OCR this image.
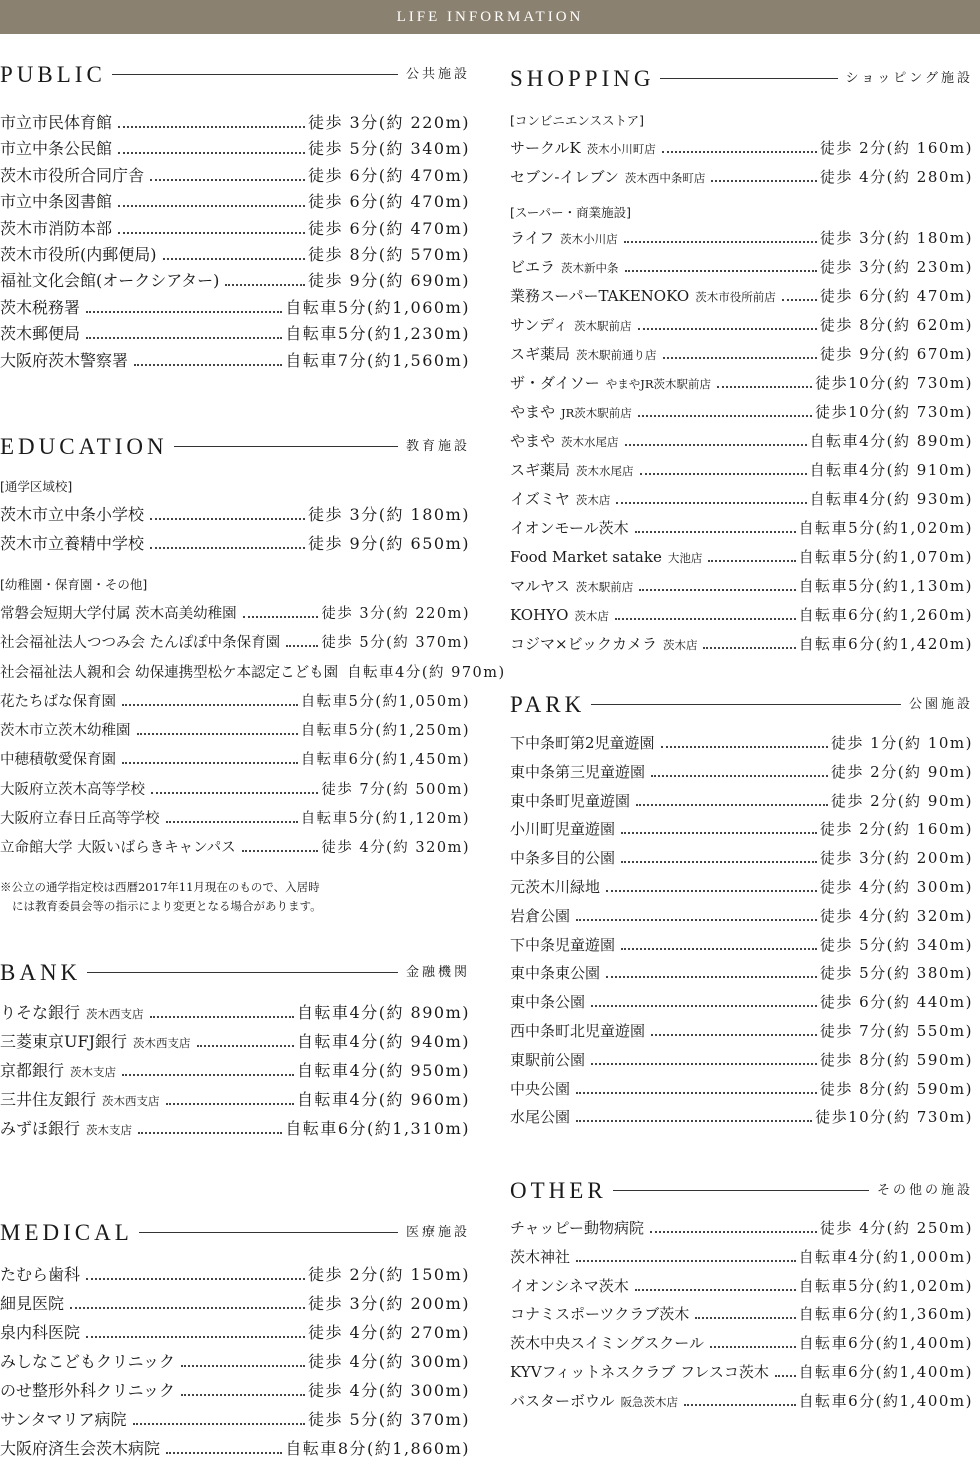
LIFE INFORMATION
PUBLIC	公共施設
市立市民体育館	徒歩 3分(約 220m)
市立中条公民館	徒歩 5分(約 340m)
茨木市役所合同庁舎	徒歩 6分(約 470m)
市立中条図書館	徒歩 6分(約 470m)
茨木市消防本部	徒歩 6分(約 470m)
茨木市役所(内郵便局)	徒歩 8分(約 570m)
福祉文化会館(オークシアター)	徒歩 9分(約 690m)
茨木税務署	自転車5分(約1,060m)
茨木郵便局	自転車5分(約1,230m)
大阪府茨木警察署	自転車7分(約1,560m)
EDUCATION	教育施設
[通学区域校]
茨木市立中条小学校	徒歩 3分(約 180m)
茨木市立養精中学校	徒歩 9分(約 650m)
[幼稚園・保育園・その他]
常磐会短期大学付属 茨木高美幼稚園	徒歩 3分(約 220m)
社会福祉法人つつみ会 たんぽぽ中条保育園	徒歩 5分(約 370m)
社会福祉法人親和会 幼保連携型松ケ本認定こども園 自転車4分(約 970m)
花たちばな保育園	自転車5分(約1,050m)
茨木市立茨木幼稚園	自転車5分(約1,250m)
中穂積敬愛保育園	自転車6分(約1,450m)
大阪府立茨木高等学校	徒歩 7分(約 500m)
大阪府立春日丘高等学校	自転車5分(約1,120m)
立命館大学 大阪いばらきキャンパス	徒歩 4分(約 320m)
※公立の通学指定校は西暦2017年11月現在のもので、入居時
には教育委員会等の指示により変更となる場合があります。
BANK	金融機関
りそな銀行 茨木西支店	自転車4分(約 890m)
三菱東京UFJ銀行 茨木西支店	自転車4分(約 940m)
京都銀行 茨木支店	自転車4分(約 950m)
三井住友銀行 茨木西支店	自転車4分(約 960m)
みずほ銀行 茨木支店	自転車6分(約1,310m)
MEDICAL	医療施設
たむら歯科	徒歩 2分(約 150m)
細見医院	徒歩 3分(約 200m)
泉内科医院	徒歩 4分(約 270m)
みしなこどもクリニック	徒歩 4分(約 300m)
のせ整形外科クリニック	徒歩 4分(約 300m)
サンタマリア病院	徒歩 5分(約 370m)
大阪府済生会茨木病院	自転車8分(約1,860m)
SHOPPING	ショッピング施設
[コンビニエンスストア]
サークルK 茨木小川町店	徒歩 2分(約 160m)
セブン-イレブン 茨木西中条町店	徒歩 4分(約 280m)
[スーパー・商業施設]
ライフ 茨木小川店	徒歩 3分(約 180m)
ビエラ 茨木新中条	徒歩 3分(約 230m)
業務スーパーTAKENOKO 茨木市役所前店	徒歩 6分(約 470m)
サンディ 茨木駅前店	徒歩 8分(約 620m)
スギ薬局 茨木駅前通り店	徒歩 9分(約 670m)
ザ・ダイソー やまやJR茨木駅前店	徒歩10分(約 730m)
やまや JR茨木駅前店	徒歩10分(約 730m)
やまや 茨木水尾店	自転車4分(約 890m)
スギ薬局 茨木水尾店	自転車4分(約 910m)
イズミヤ 茨木店	自転車4分(約 930m)
イオンモール茨木	自転車5分(約1,020m)
Food Market satake 大池店	自転車5分(約1,070m)
マルヤス 茨木駅前店	自転車5分(約1,130m)
KOHYO 茨木店	自転車6分(約1,260m)
コジマ×ビックカメラ 茨木店	自転車6分(約1,420m)
PARK	公園施設
下中条町第2児童遊園	徒歩 1分(約 10m)
東中条第三児童遊園	徒歩 2分(約 90m)
東中条町児童遊園	徒歩 2分(約 90m)
小川町児童遊園	徒歩 2分(約 160m)
中条多目的公園	徒歩 3分(約 200m)
元茨木川緑地	徒歩 4分(約 300m)
岩倉公園	徒歩 4分(約 320m)
下中条児童遊園	徒歩 5分(約 340m)
東中条東公園	徒歩 5分(約 380m)
東中条公園	徒歩 6分(約 440m)
西中条町北児童遊園	徒歩 7分(約 550m)
東駅前公園	徒歩 8分(約 590m)
中央公園	徒歩 8分(約 590m)
水尾公園	徒歩10分(約 730m)
OTHER	その他の施設
チャッピー動物病院	徒歩 4分(約 250m)
茨木神社	自転車4分(約1,000m)
イオンシネマ茨木	自転車5分(約1,020m)
コナミスポーツクラブ茨木	自転車6分(約1,360m)
茨木中央スイミングスクール	自転車6分(約1,400m)
KYVフィットネスクラブ フレスコ茨木 自転車6分(約1,400m)
バスターボウル 阪急茨木店	自転車6分(約1,400m)
